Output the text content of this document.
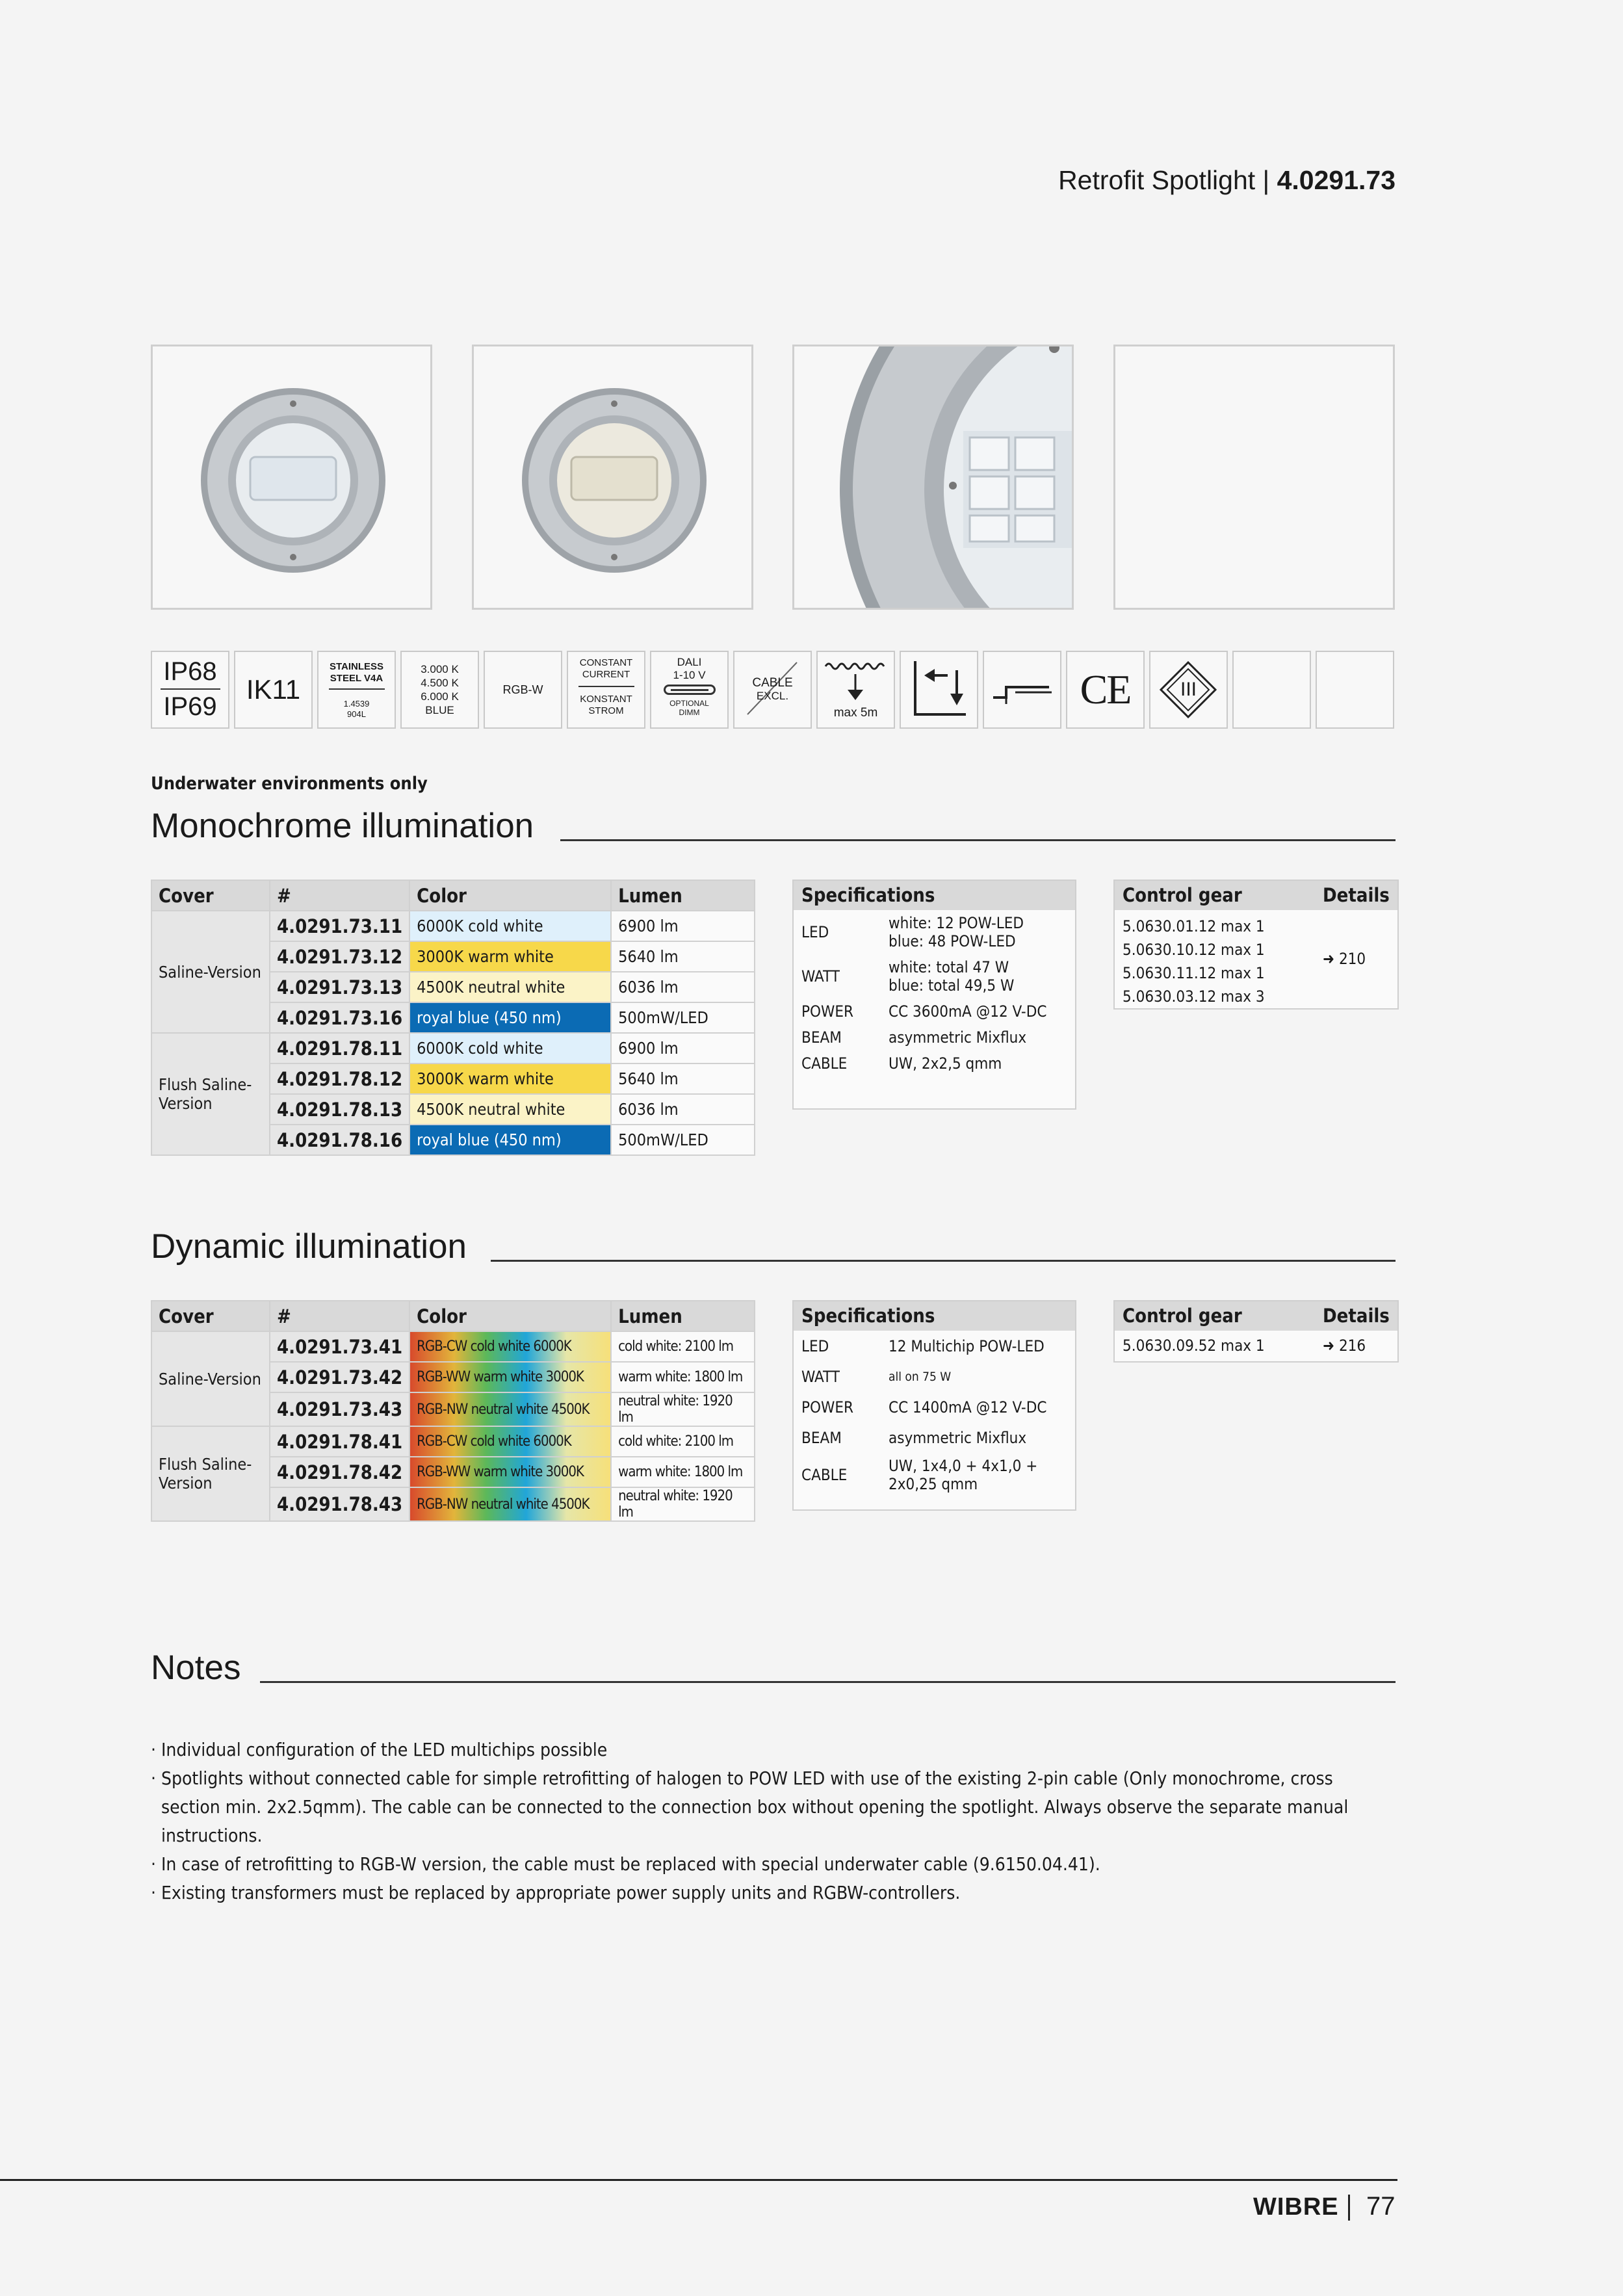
Retrofit Spotlight | 4.0291.73
IP68
IP69
IK11
STAINLESS
STEEL V4A
1.4539
904L
3.000 K
4.500 K
6.000 K
BLUE
RGB-W
CONSTANT
CURRENT
KONSTANT
STROM
DALI
1-10 V
OPTIONAL
DIMM
CABLE
EXCL.
max 5m
CE	III
Underwater environments only
Monochrome illumination
Cover	#	Color	Lumen
Saline-Version	4.0291.73.11	6000K cold white	6900 lm
	4.0291.73.12	3000K warm white	5640 lm
	4.0291.73.13	4500K neutral white	6036 lm
	4.0291.73.16	royal blue (450 nm)	500mW/LED
Flush Saline-Version	4.0291.78.11	6000K cold white	6900 lm
	4.0291.78.12	3000K warm white	5640 lm
	4.0291.78.13	4500K neutral white	6036 lm
	4.0291.78.16	royal blue (450 nm)	500mW/LED
Specifications
LED	white: 12 POW-LED
blue: 48 POW-LED

WATT	white: total 47 W
blue: total 49,5 W

POWER	CC 3600mA @12 V-DC
BEAM	asymmetric Mixflux
CABLE	UW, 2x2,5 qmm
Control gear	Details
5.0630.01.12 max 1
5.0630.10.12 max 1
5.0630.11.12 max 1
5.0630.03.12 max 3
➜ 210
Dynamic illumination
Cover	#	Color	Lumen
Saline-Version	4.0291.73.41	RGB-CW cold white 6000K	cold white: 2100 lm
	4.0291.73.42	RGB-WW warm white 3000K	warm white: 1800 lm
	4.0291.73.43	RGB-NW neutral white 4500K	neutral white: 1920 lm
Flush Saline-Version	4.0291.78.41	RGB-CW cold white 6000K	cold white: 2100 lm
	4.0291.78.42	RGB-WW warm white 3000K	warm white: 1800 lm
	4.0291.78.43	RGB-NW neutral white 4500K	neutral white: 1920 lm
Specifications
LED	12 Multichip POW-LED
WATT	all on 75 W
POWER	CC 1400mA @12 V-DC
BEAM	asymmetric Mixflux
CABLE	UW, 1x4,0 + 4x1,0 + 2x0,25 qmm
Control gear	Details
5.0630.09.52 max 1	➜ 216
Notes
· Individual configuration of the LED multichips possible
· Spotlights without connected cable for simple retrofitting of halogen to POW LED with use of the existing 2-pin cable (Only monochrome, cross section min. 2x2.5qmm). The cable can be connected to the connection box without opening the spotlight. Always observe the separate manual instructions.
· In case of retrofitting to RGB-W version, the cable must be replaced with special underwater cable (9.6150.04.41).
· Existing transformers must be replaced by appropriate power supply units and RGBW-controllers.
WIBRE 77
